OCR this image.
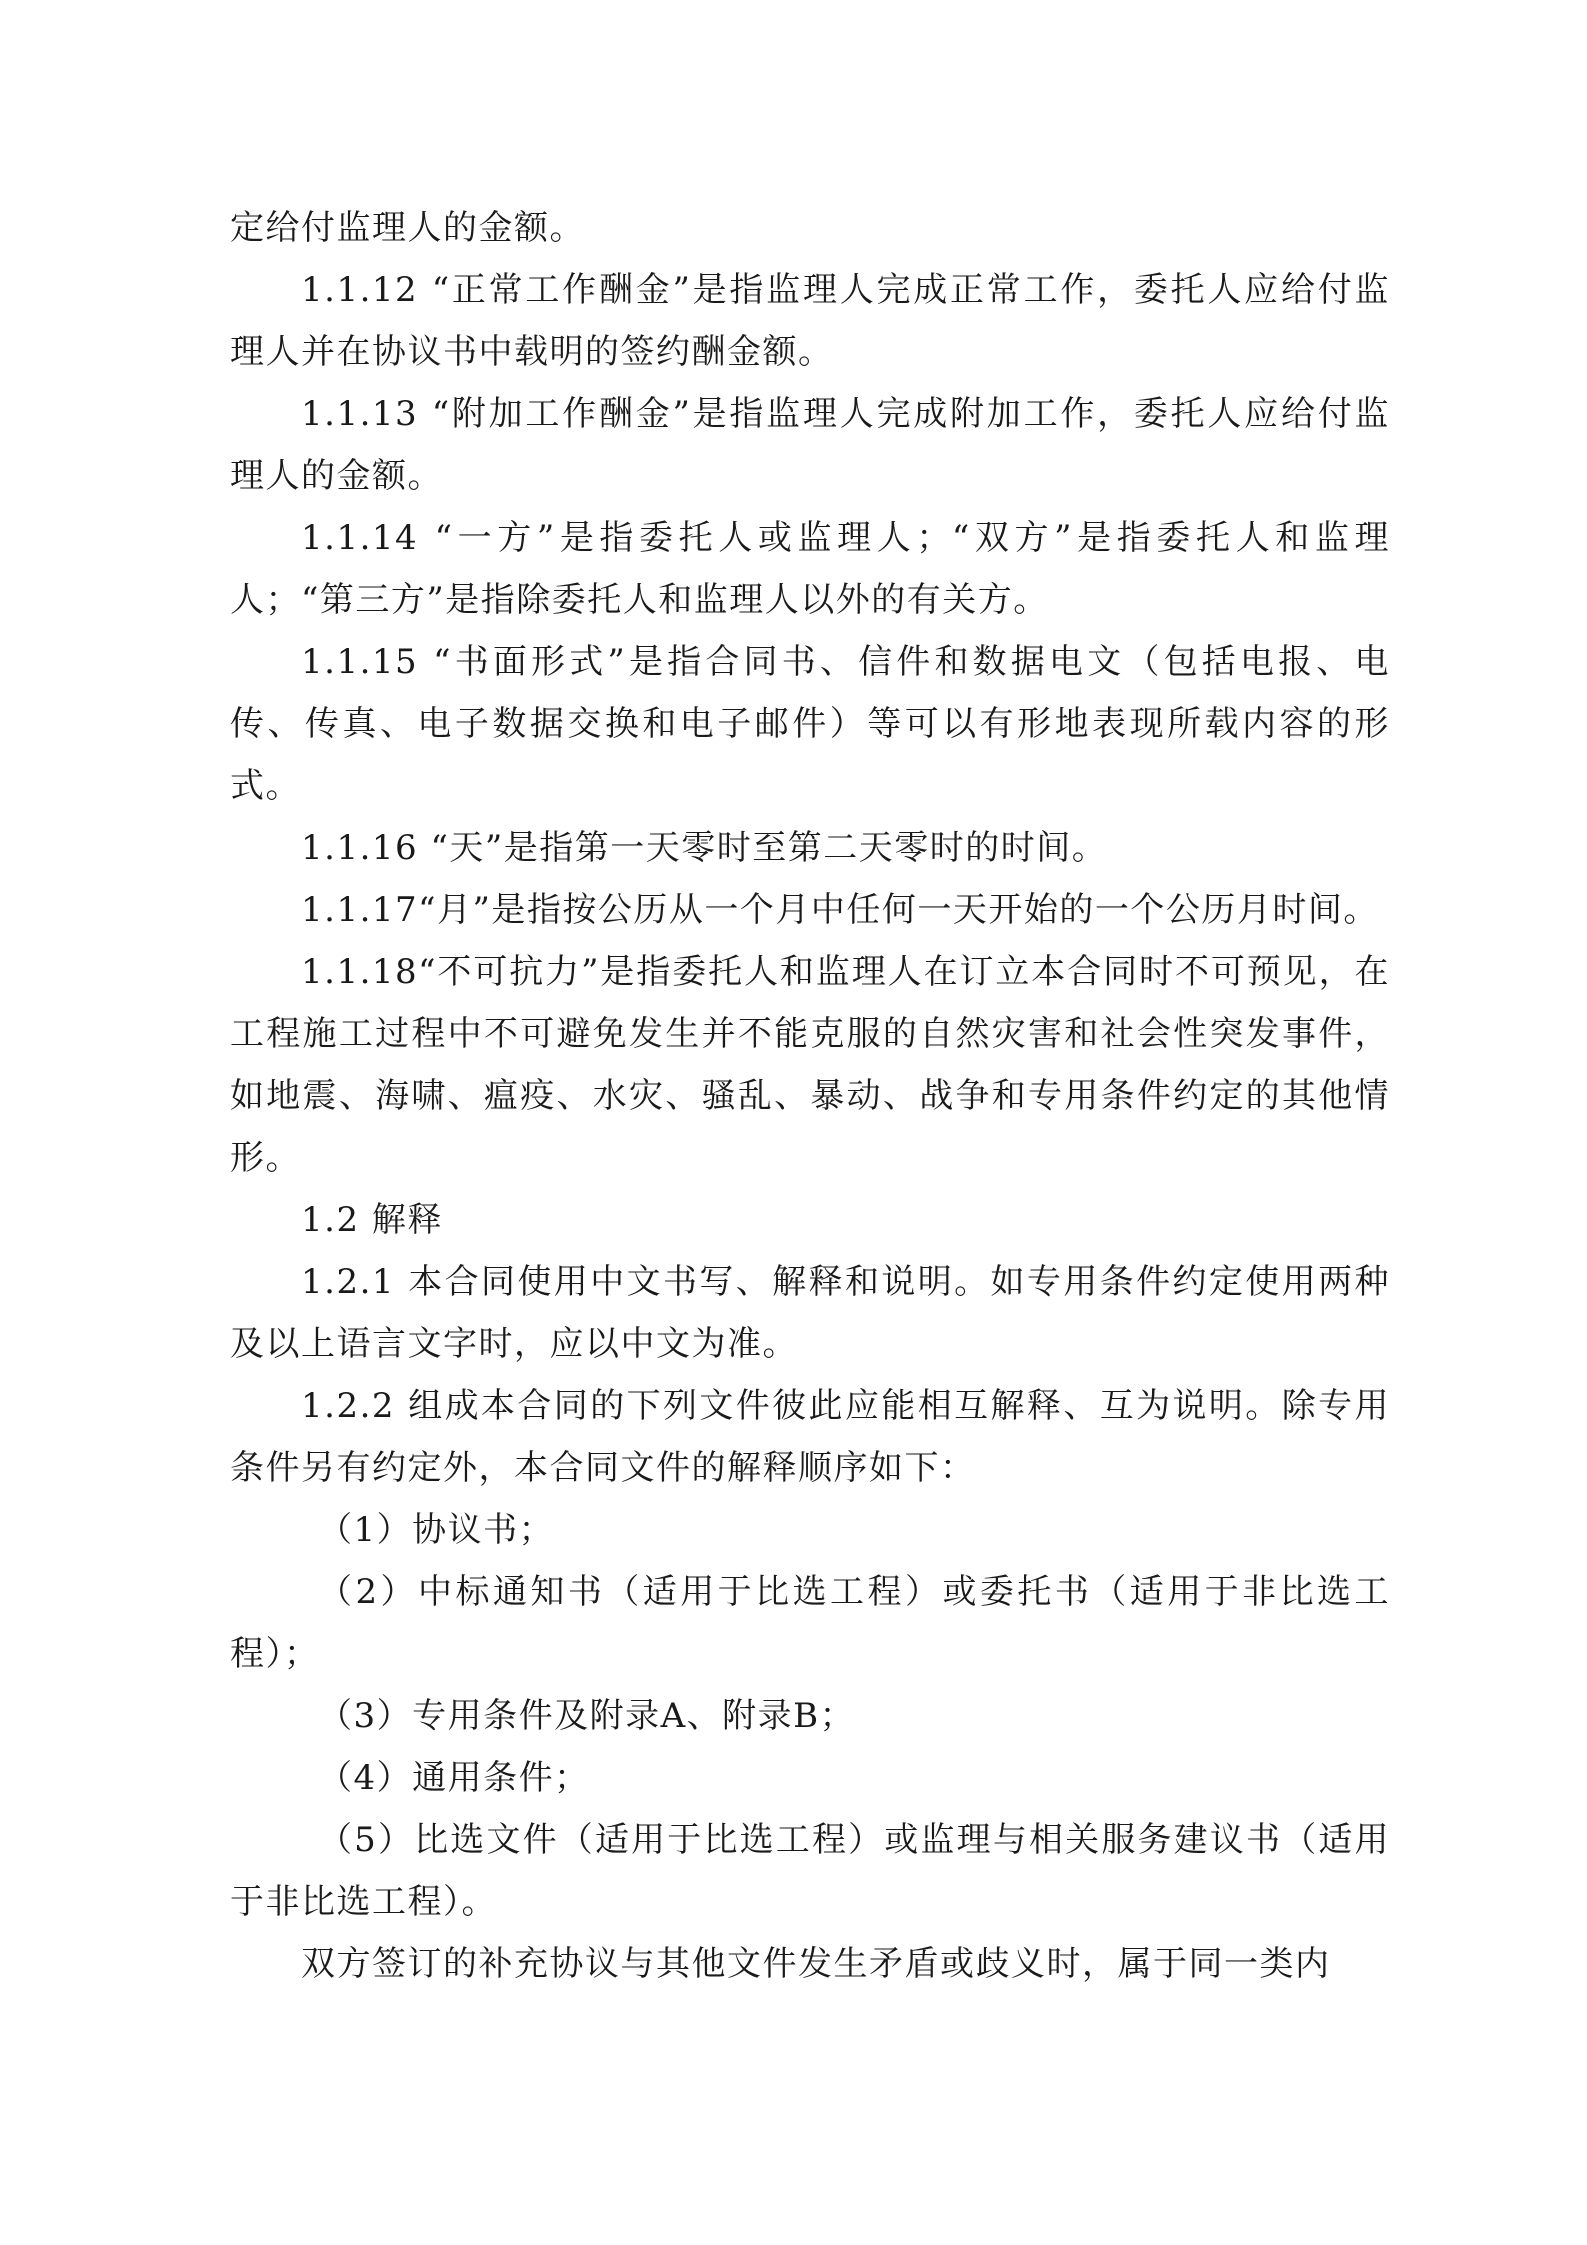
定给付监理人的金额。

1.1.12 “正常工作酬金”是指监理人完成正常工作，委托人应给付监理人并在协议书中载明的签约酬金额。

1.1.13 “附加工作酬金”是指监理人完成附加工作，委托人应给付监理人的金额。

1.1.14 “一方”是指委托人或监理人；“双方”是指委托人和监理人；“第三方”是指除委托人和监理人以外的有关方。

1.1.15 “书面形式”是指合同书、信件和数据电文（包括电报、电传、传真、电子数据交换和电子邮件）等可以有形地表现所载内容的形式。

1.1.16 “天”是指第一天零时至第二天零时的时间。

1.1.17“月”是指按公历从一个月中任何一天开始的一个公历月时间。

1.1.18“不可抗力”是指委托人和监理人在订立本合同时不可预见，在工程施工过程中不可避免发生并不能克服的自然灾害和社会性突发事件，如地震、海啸、瘟疫、水灾、骚乱、暴动、战争和专用条件约定的其他情形。

1.2 解释

1.2.1 本合同使用中文书写、解释和说明。如专用条件约定使用两种及以上语言文字时，应以中文为准。

1.2.2 组成本合同的下列文件彼此应能相互解释、互为说明。除专用条件另有约定外，本合同文件的解释顺序如下：

（1）协议书；

（2）中标通知书（适用于比选工程）或委托书（适用于非比选工程）；

（3）专用条件及附录A、附录B；

（4）通用条件；

（5）比选文件（适用于比选工程）或监理与相关服务建议书（适用于非比选工程）。

双方签订的补充协议与其他文件发生矛盾或歧义时，属于同一类内
